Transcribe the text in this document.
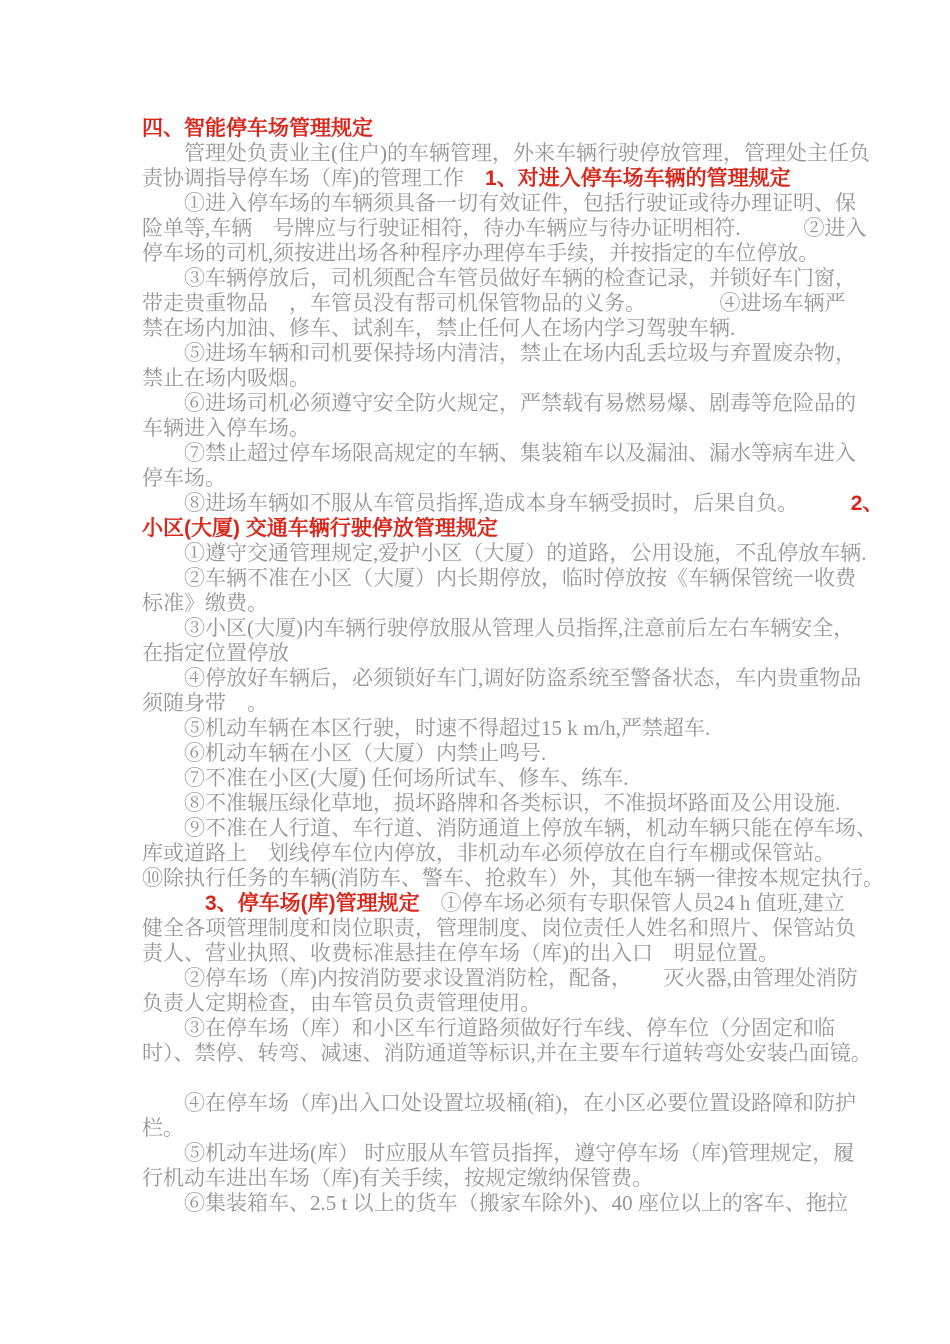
四、智能停车场管理规定
　　管理处负责业主(住户)的车辆管理，外来车辆行驶停放管理，管理处主任负
责协调指导停车场（库)的管理工作　1、对进入停车场车辆的管理规定
　　①进入停车场的车辆须具备一切有效证件，包括行驶证或待办理证明、保
险单等,车辆　号牌应与行驶证相符，待办车辆应与待办证明相符.　　　②进入
停车场的司机,须按进出场各种程序办理停车手续，并按指定的车位停放。
　　③车辆停放后，司机须配合车管员做好车辆的检查记录，并锁好车门窗，
带走贵重物品　，车管员没有帮司机保管物品的义务。　　　　④进场车辆严
禁在场内加油、修车、试刹车，禁止任何人在场内学习驾驶车辆.
　　⑤进场车辆和司机要保持场内清洁，禁止在场内乱丢垃圾与弃置废杂物，
禁止在场内吸烟。
　　⑥进场司机必须遵守安全防火规定，严禁载有易燃易爆、剧毒等危险品的
车辆进入停车场。
　　⑦禁止超过停车场限高规定的车辆、集装箱车以及漏油、漏水等病车进入
停车场。
　　⑧进场车辆如不服从车管员指挥,造成本身车辆受损时，后果自负。　　　2、
小区(大厦) 交通车辆行驶停放管理规定
　　①遵守交通管理规定,爱护小区（大厦）的道路，公用设施，不乱停放车辆.
　　②车辆不准在小区（大厦）内长期停放，临时停放按《车辆保管统一收费
标准》缴费。
　　③小区(大厦)内车辆行驶停放服从管理人员指挥,注意前后左右车辆安全，
在指定位置停放
　　④停放好车辆后，必须锁好车门,调好防盗系统至警备状态，车内贵重物品
须随身带　。
　　⑤机动车辆在本区行驶，时速不得超过15 k m/h,严禁超车.
　　⑥机动车辆在小区（大厦）内禁止鸣号.
　　⑦不准在小区(大厦) 任何场所试车、修车、练车.
　　⑧不准辗压绿化草地，损坏路牌和各类标识，不准损坏路面及公用设施.
　　⑨不准在人行道、车行道、消防通道上停放车辆，机动车辆只能在停车场、
库或道路上　划线停车位内停放，非机动车必须停放在自行车棚或保管站。
⑩除执行任务的车辆(消防车、警车、抢救车）外，其他车辆一律按本规定执行。
　　　3、停车场(库)管理规定　①停车场必须有专职保管人员24 h 值班,建立
健全各项管理制度和岗位职责，管理制度、岗位责任人姓名和照片、保管站负
责人、营业执照、收费标准悬挂在停车场（库)的出入口　明显位置。
　　②停车场（库)内按消防要求设置消防栓，配备，　　灭火器,由管理处消防
负责人定期检查，由车管员负责管理使用。
　　③在停车场（库）和小区车行道路须做好行车线、停车位（分固定和临
时）、禁停、转弯、减速、消防通道等标识,并在主要车行道转弯处安装凸面镜。
　　④在停车场（库)出入口处设置垃圾桶(箱)，在小区必要位置设路障和防护
栏。
　　⑤机动车进场(库） 时应服从车管员指挥，遵守停车场（库)管理规定，履
行机动车进出车场（库)有关手续，按规定缴纳保管费。
　　⑥集装箱车、2.5 t 以上的货车（搬家车除外)、40 座位以上的客车、拖拉
